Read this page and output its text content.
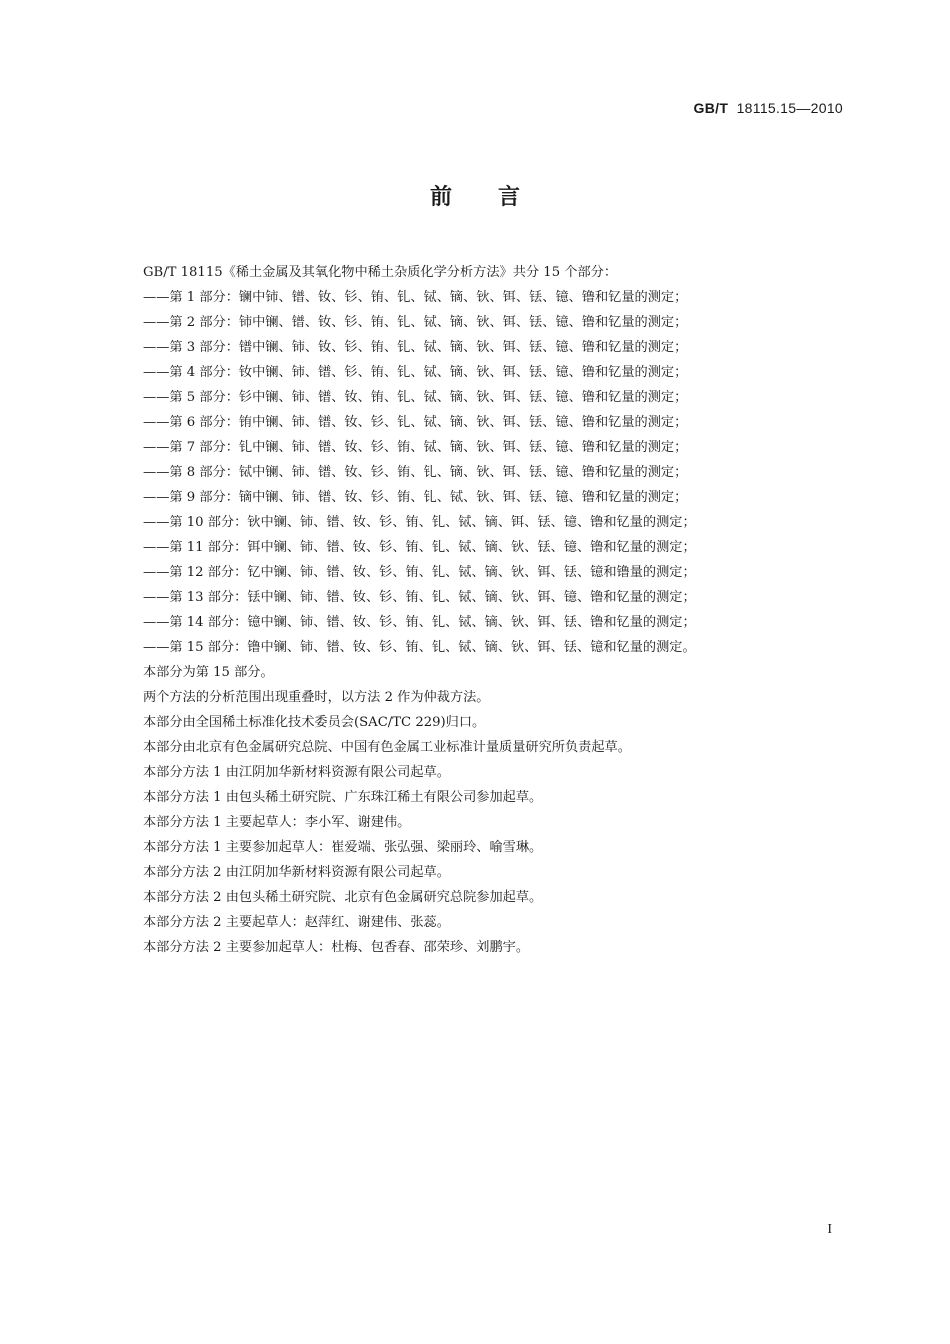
GB/T 18115.15—2010
前言
GB/T 18115《稀土金属及其氧化物中稀土杂质化学分析方法》共分 15 个部分：
——第 1 部分：镧中铈、镨、钕、钐、铕、钆、铽、镝、钬、铒、铥、镱、镥和钇量的测定；
——第 2 部分：铈中镧、镨、钕、钐、铕、钆、铽、镝、钬、铒、铥、镱、镥和钇量的测定；
——第 3 部分：镨中镧、铈、钕、钐、铕、钆、铽、镝、钬、铒、铥、镱、镥和钇量的测定；
——第 4 部分：钕中镧、铈、镨、钐、铕、钆、铽、镝、钬、铒、铥、镱、镥和钇量的测定；
——第 5 部分：钐中镧、铈、镨、钕、铕、钆、铽、镝、钬、铒、铥、镱、镥和钇量的测定；
——第 6 部分：铕中镧、铈、镨、钕、钐、钆、铽、镝、钬、铒、铥、镱、镥和钇量的测定；
——第 7 部分：钆中镧、铈、镨、钕、钐、铕、铽、镝、钬、铒、铥、镱、镥和钇量的测定；
——第 8 部分：铽中镧、铈、镨、钕、钐、铕、钆、镝、钬、铒、铥、镱、镥和钇量的测定；
——第 9 部分：镝中镧、铈、镨、钕、钐、铕、钆、铽、钬、铒、铥、镱、镥和钇量的测定；
——第 10 部分：钬中镧、铈、镨、钕、钐、铕、钆、铽、镝、铒、铥、镱、镥和钇量的测定；
——第 11 部分：铒中镧、铈、镨、钕、钐、铕、钆、铽、镝、钬、铥、镱、镥和钇量的测定；
——第 12 部分：钇中镧、铈、镨、钕、钐、铕、钆、铽、镝、钬、铒、铥、镱和镥量的测定；
——第 13 部分：铥中镧、铈、镨、钕、钐、铕、钆、铽、镝、钬、铒、镱、镥和钇量的测定；
——第 14 部分：镱中镧、铈、镨、钕、钐、铕、钆、铽、镝、钬、铒、铥、镥和钇量的测定；
——第 15 部分：镥中镧、铈、镨、钕、钐、铕、钆、铽、镝、钬、铒、铥、镱和钇量的测定。
本部分为第 15 部分。
两个方法的分析范围出现重叠时，以方法 2 作为仲裁方法。
本部分由全国稀土标准化技术委员会(SAC/TC 229)归口。
本部分由北京有色金属研究总院、中国有色金属工业标准计量质量研究所负责起草。
本部分方法 1 由江阴加华新材料资源有限公司起草。
本部分方法 1 由包头稀土研究院、广东珠江稀土有限公司参加起草。
本部分方法 1 主要起草人：李小军、谢建伟。
本部分方法 1 主要参加起草人：崔爱端、张弘强、梁丽玲、喻雪琳。
本部分方法 2 由江阴加华新材料资源有限公司起草。
本部分方法 2 由包头稀土研究院、北京有色金属研究总院参加起草。
本部分方法 2 主要起草人：赵萍红、谢建伟、张蕊。
本部分方法 2 主要参加起草人：杜梅、包香春、邵荣珍、刘鹏宇。
I
